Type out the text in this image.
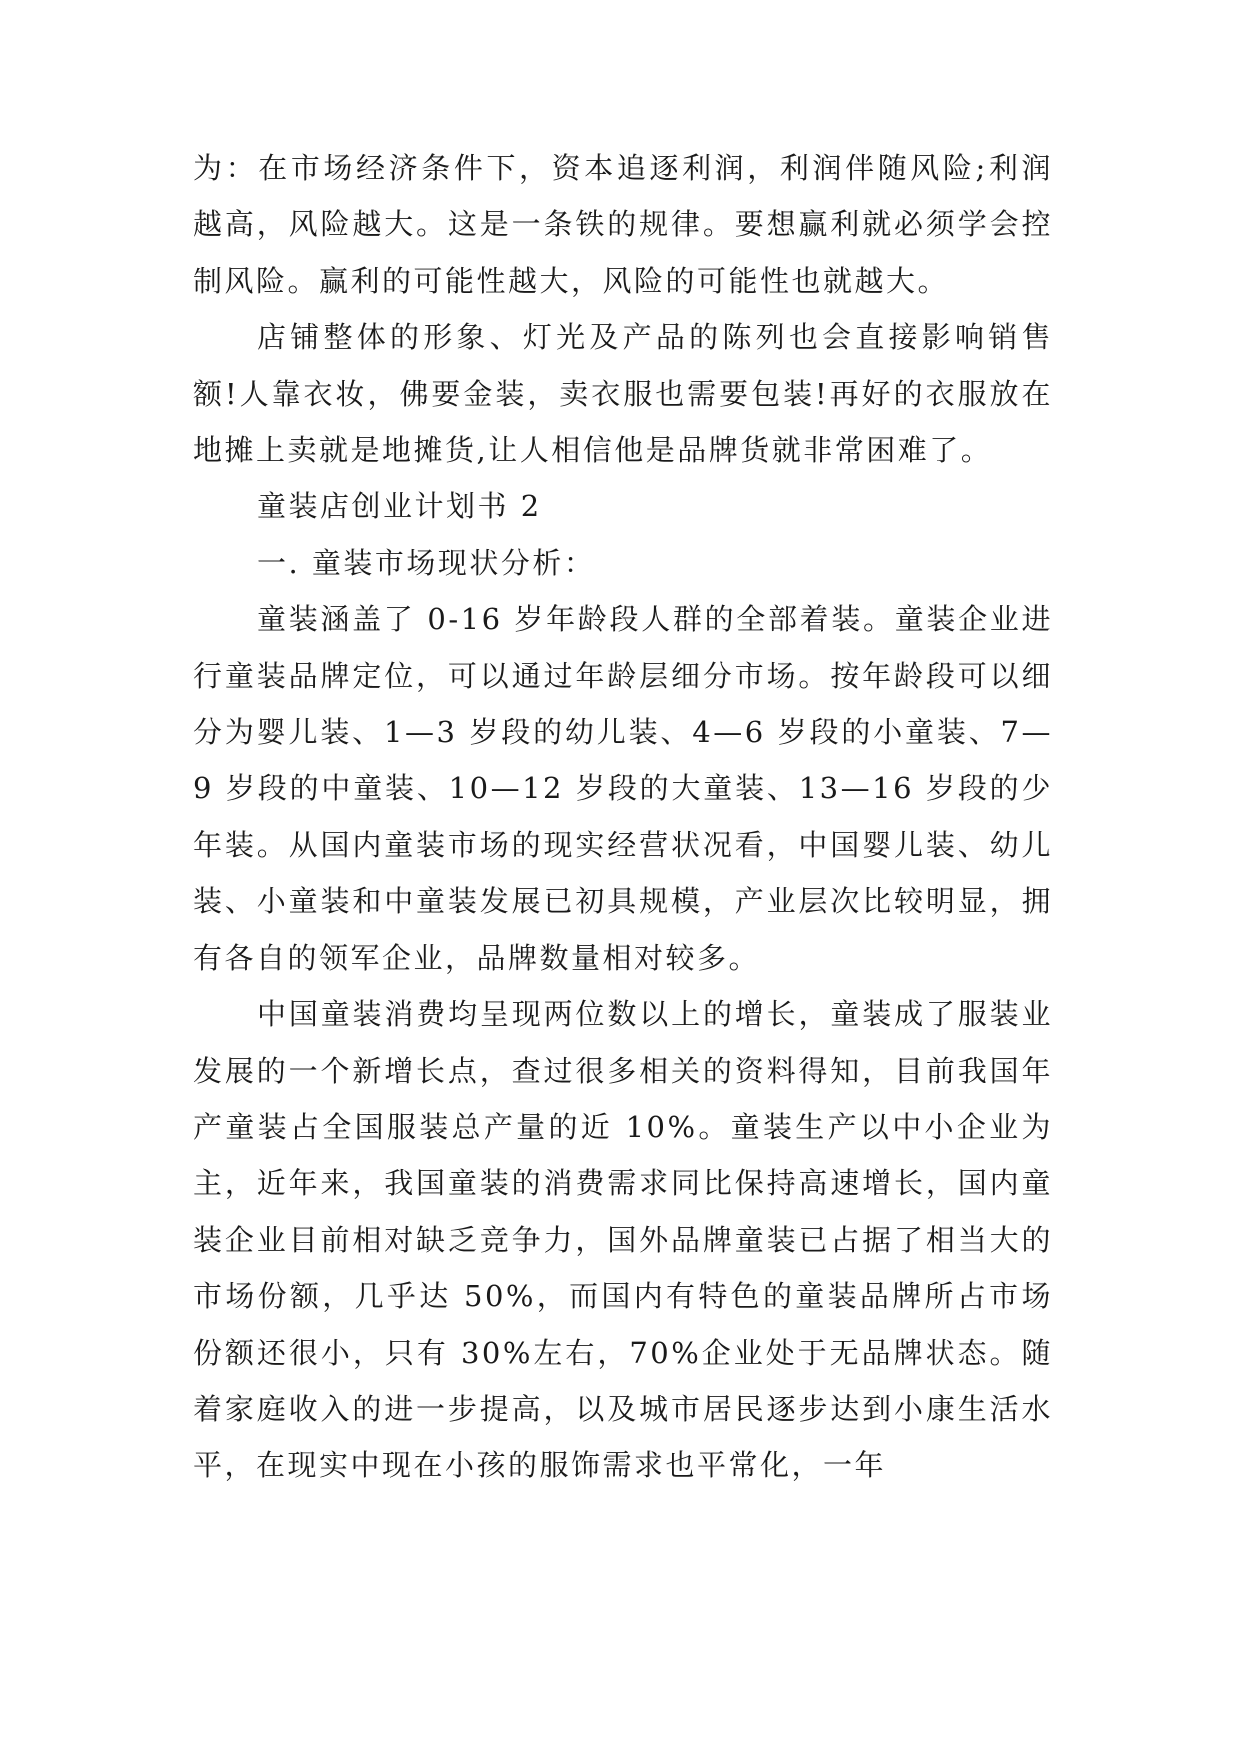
为：在市场经济条件下，资本追逐利润，利润伴随风险;利润越高，风险越大。这是一条铁的规律。要想赢利就必须学会控制风险。赢利的可能性越大，风险的可能性也就越大。

店铺整体的形象、灯光及产品的陈列也会直接影响销售额!人靠衣妆，佛要金装，卖衣服也需要包装!再好的衣服放在地摊上卖就是地摊货,让人相信他是品牌货就非常困难了。

童装店创业计划书 2

一. 童装市场现状分析：

童装涵盖了 0-16 岁年龄段人群的全部着装。童装企业进行童装品牌定位，可以通过年龄层细分市场。按年龄段可以细分为婴儿装、1—3 岁段的幼儿装、4—6 岁段的小童装、7—9 岁段的中童装、10—12 岁段的大童装、13—16 岁段的少年装。从国内童装市场的现实经营状况看，中国婴儿装、幼儿装、小童装和中童装发展已初具规模，产业层次比较明显，拥有各自的领军企业，品牌数量相对较多。

中国童装消费均呈现两位数以上的增长，童装成了服装业发展的一个新增长点，查过很多相关的资料得知，目前我国年产童装占全国服装总产量的近 10%。童装生产以中小企业为主，近年来，我国童装的消费需求同比保持高速增长，国内童装企业目前相对缺乏竞争力，国外品牌童装已占据了相当大的市场份额，几乎达 50%，而国内有特色的童装品牌所占市场份额还很小，只有 30%左右，70%企业处于无品牌状态。随着家庭收入的进一步提高，以及城市居民逐步达到小康生活水平，在现实中现在小孩的服饰需求也平常化，一年
